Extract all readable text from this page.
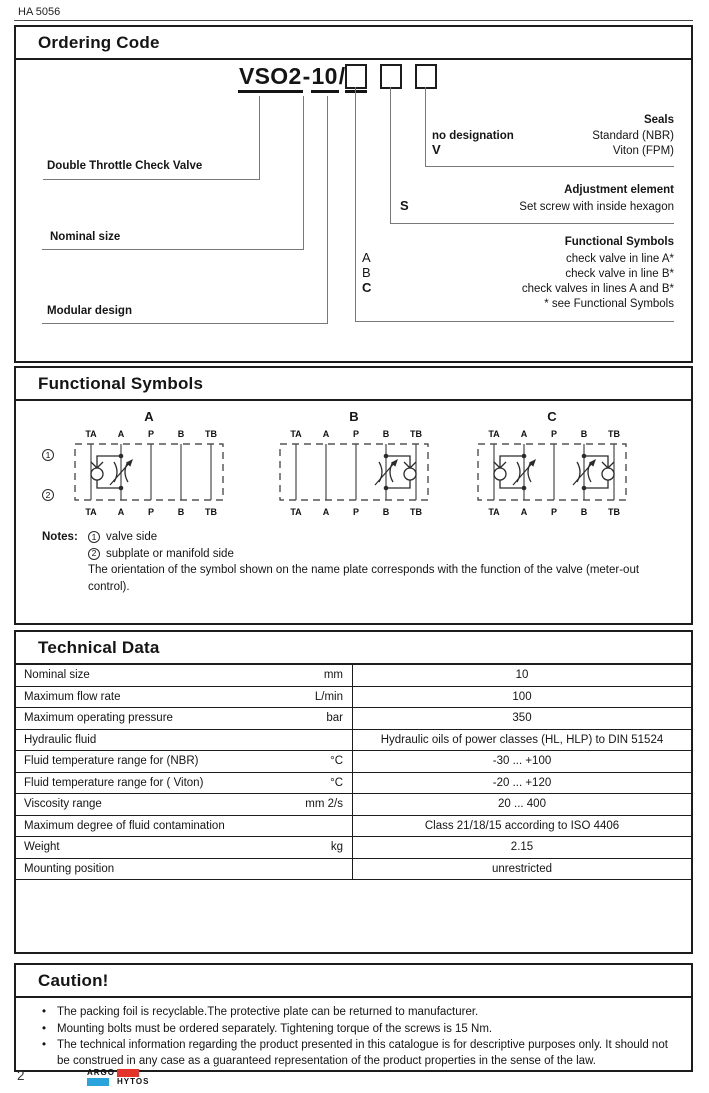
HA 5056
Ordering Code
VSO2-10/
Double Throttle Check Valve
Nominal size
Modular design
Seals
no designation	Standard (NBR)
V	Viton (FPM)
Adjustment element
S	Set screw with inside hexagon
Functional Symbols
A	check valve in line A*
B	check valve in line B*
C	check valves in lines A and B*
* see Functional Symbols
Functional Symbols
A
TA
TA
A
A
P
P
B
B
TB
TB
B
TA
TA
A
A
P
P
B
B
TB
TB
C
TA
TA
A
A
P
P
B
B
TB
TB
1
2
Notes:	1 valve side
2 subplate or manifold side
The orientation of the symbol shown on the name plate corresponds with the function of the valve (meter-out control).
Technical Data
Nominal size	mm	10
Maximum flow rate	L/min	100
Maximum operating pressure	bar	350
Hydraulic fluid	Hydraulic oils of power classes (HL, HLP) to DIN 51524
Fluid temperature range for (NBR)	°C	-30 ... +100
Fluid temperature range for ( Viton)	°C	-20 ... +120
Viscosity range	mm 2/s	20 ... 400
Maximum degree of fluid contamination	Class 21/18/15 according to ISO 4406
Weight	kg	2.15
Mounting position	unrestricted
Caution!
• The packing foil is recyclable.The protective plate can be returned to manufacturer.
• Mounting bolts must be ordered separately. Tightening torque of the screws is 15 Nm.
• The technical information regarding the product presented in this catalogue is for descriptive purposes only. It should not be construed in any case as a guaranteed representation of the product properties in the sense of the law.
2	ARGO
HYTOS
